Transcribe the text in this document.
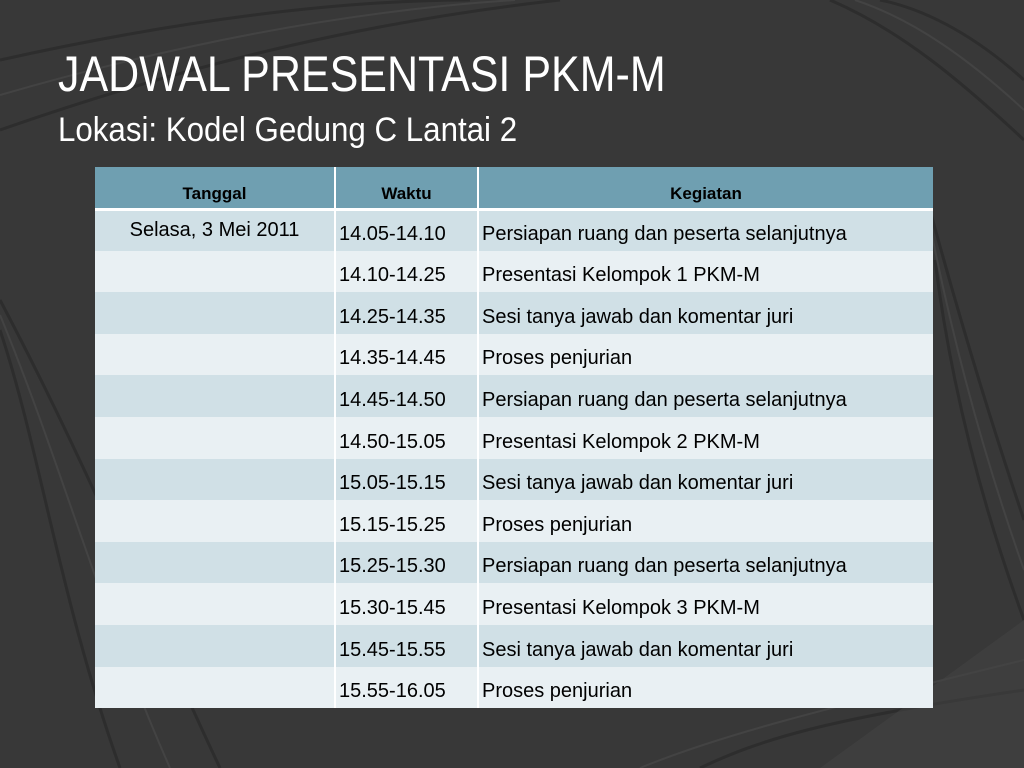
JADWAL PRESENTASI PKM-M
Lokasi: Kodel Gedung C Lantai 2
Tanggal	Waktu	Kegiatan
Selasa, 3 Mei 2011	14.05-14.10	Persiapan ruang dan peserta selanjutnya
	14.10-14.25	Presentasi Kelompok 1 PKM-M
	14.25-14.35	Sesi tanya jawab dan komentar juri
	14.35-14.45	Proses penjurian
	14.45-14.50	Persiapan ruang dan peserta selanjutnya
	14.50-15.05	Presentasi Kelompok 2 PKM-M
	15.05-15.15	Sesi tanya jawab dan komentar juri
	15.15-15.25	Proses penjurian
	15.25-15.30	Persiapan ruang dan peserta selanjutnya
	15.30-15.45	Presentasi Kelompok 3 PKM-M
	15.45-15.55	Sesi tanya jawab dan komentar juri
	15.55-16.05	Proses penjurian
